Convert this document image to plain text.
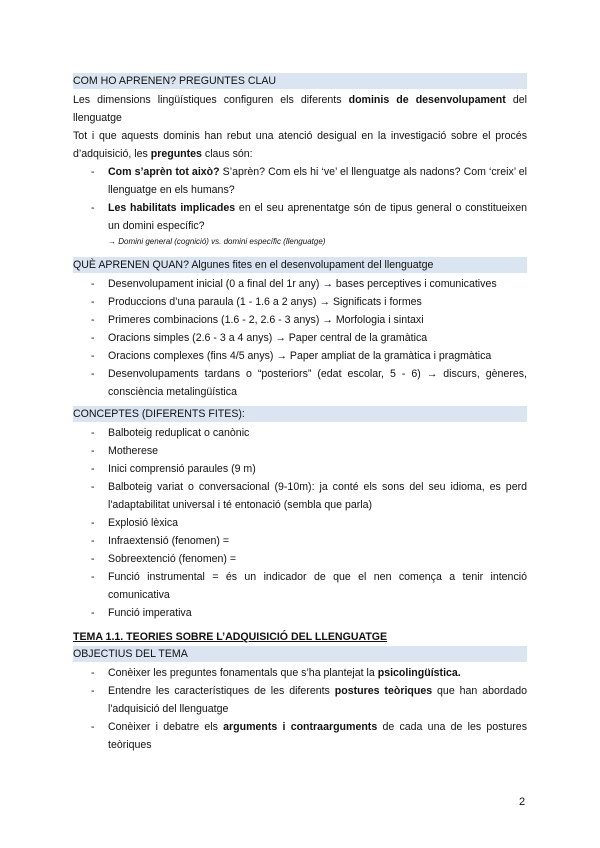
COM HO APRENEN? PREGUNTES CLAU
Les dimensions lingüístiques configuren els diferents dominis de desenvolupament del llenguatge
Tot i que aquests dominis han rebut una atenció desigual en la investigació sobre el procés d’adquisició, les preguntes claus són:
- Com s’aprèn tot això? S’aprèn? Com els hi ‘ve’ el llenguatge als nadons? Com ‘creix’ el llenguatge en els humans?
- Les habilitats implicades en el seu aprenentatge són de tipus general o constitueixen un domini específic?
→ Domini general (cognició) vs. domini específic (llenguatge)
QUÈ APRENEN QUAN? Algunes fites en el desenvolupament del llenguatge
- Desenvolupament inicial (0 a final del 1r any) → bases perceptives i comunicatives
- Produccions d’una paraula (1 - 1.6 a 2 anys) → Significats i formes
- Primeres combinacions (1.6 - 2, 2.6 - 3 anys) → Morfologia i sintaxi
- Oracions simples (2.6 - 3 a 4 anys) → Paper central de la gramàtica
- Oracions complexes (fins 4/5 anys) → Paper ampliat de la gramàtica i pragmàtica
- Desenvolupaments tardans o “posteriors” (edat escolar, 5 - 6) → discurs, gèneres, consciència metalingüística
CONCEPTES (DIFERENTS FITES):
- Balboteig reduplicat o canònic
- Motherese
- Inici comprensió paraules (9 m)
- Balboteig variat o conversacional (9-10m): ja conté els sons del seu idioma, es perd l'adaptabilitat universal i té entonació (sembla que parla)
- Explosió lèxica
- Infraextensió (fenomen) =
- Sobreextenció (fenomen) =
- Funció instrumental = és un indicador de que el nen comença a tenir intenció comunicativa
- Funció imperativa
TEMA 1.1. TEORIES SOBRE L’ADQUISICIÓ DEL LLENGUATGE
OBJECTIUS DEL TEMA
- Conèixer les preguntes fonamentals que s’ha plantejat la psicolingüística.
- Entendre les característiques de les diferents postures teòriques que han abordado l'adquisició del llenguatge
- Conèixer i debatre els arguments i contraarguments de cada una de les postures teòriques
2
